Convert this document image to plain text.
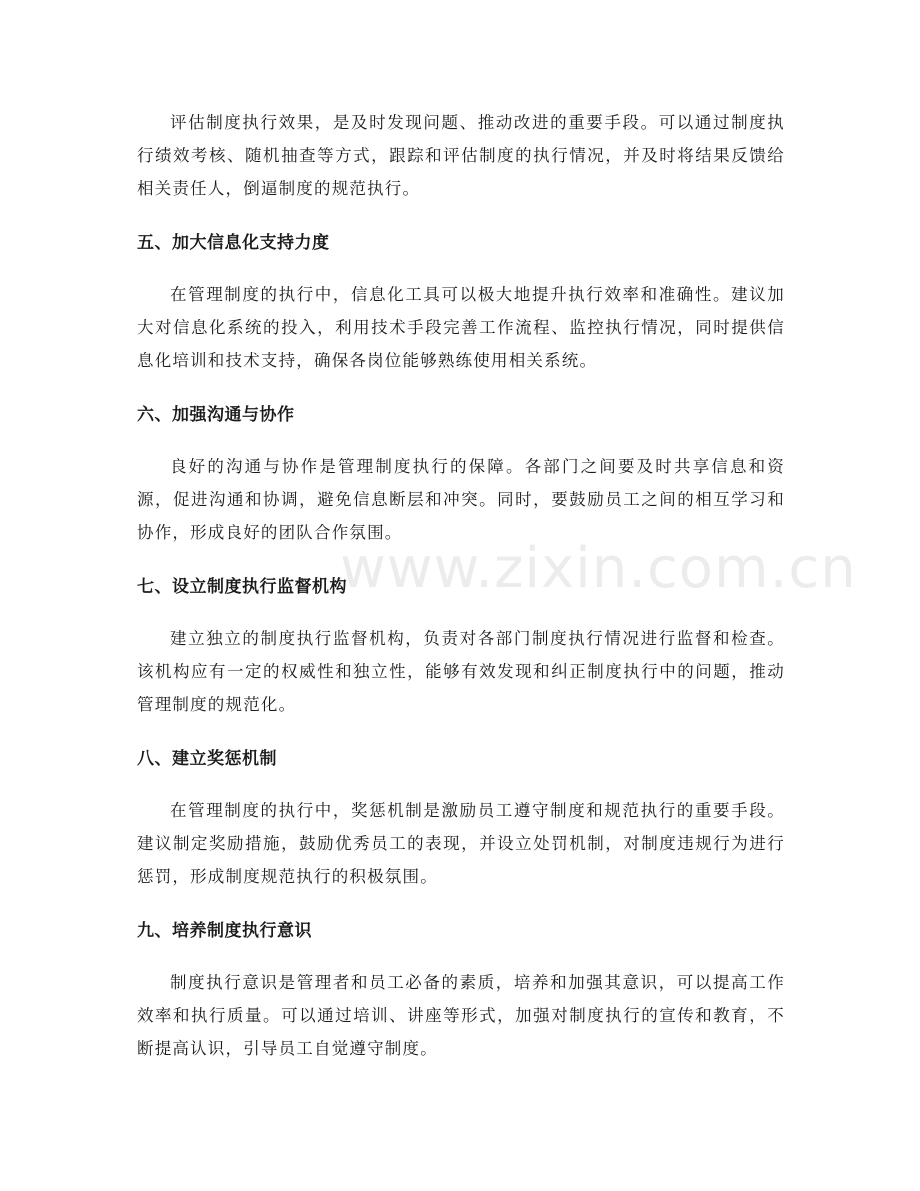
评估制度执行效果，是及时发现问题、推动改进的重要手段。可以通过制度执行绩效考核、随机抽查等方式，跟踪和评估制度的执行情况，并及时将结果反馈给相关责任人，倒逼制度的规范执行。

五、加大信息化支持力度

在管理制度的执行中，信息化工具可以极大地提升执行效率和准确性。建议加大对信息化系统的投入，利用技术手段完善工作流程、监控执行情况，同时提供信息化培训和技术支持，确保各岗位能够熟练使用相关系统。

六、加强沟通与协作

良好的沟通与协作是管理制度执行的保障。各部门之间要及时共享信息和资源，促进沟通和协调，避免信息断层和冲突。同时，要鼓励员工之间的相互学习和协作，形成良好的团队合作氛围。

七、设立制度执行监督机构

建立独立的制度执行监督机构，负责对各部门制度执行情况进行监督和检查。该机构应有一定的权威性和独立性，能够有效发现和纠正制度执行中的问题，推动管理制度的规范化。

八、建立奖惩机制

在管理制度的执行中，奖惩机制是激励员工遵守制度和规范执行的重要手段。建议制定奖励措施，鼓励优秀员工的表现，并设立处罚机制，对制度违规行为进行惩罚，形成制度规范执行的积极氛围。

九、培养制度执行意识

制度执行意识是管理者和员工必备的素质，培养和加强其意识，可以提高工作效率和执行质量。可以通过培训、讲座等形式，加强对制度执行的宣传和教育，不断提高认识，引导员工自觉遵守制度。

www.zixin.com.cn
